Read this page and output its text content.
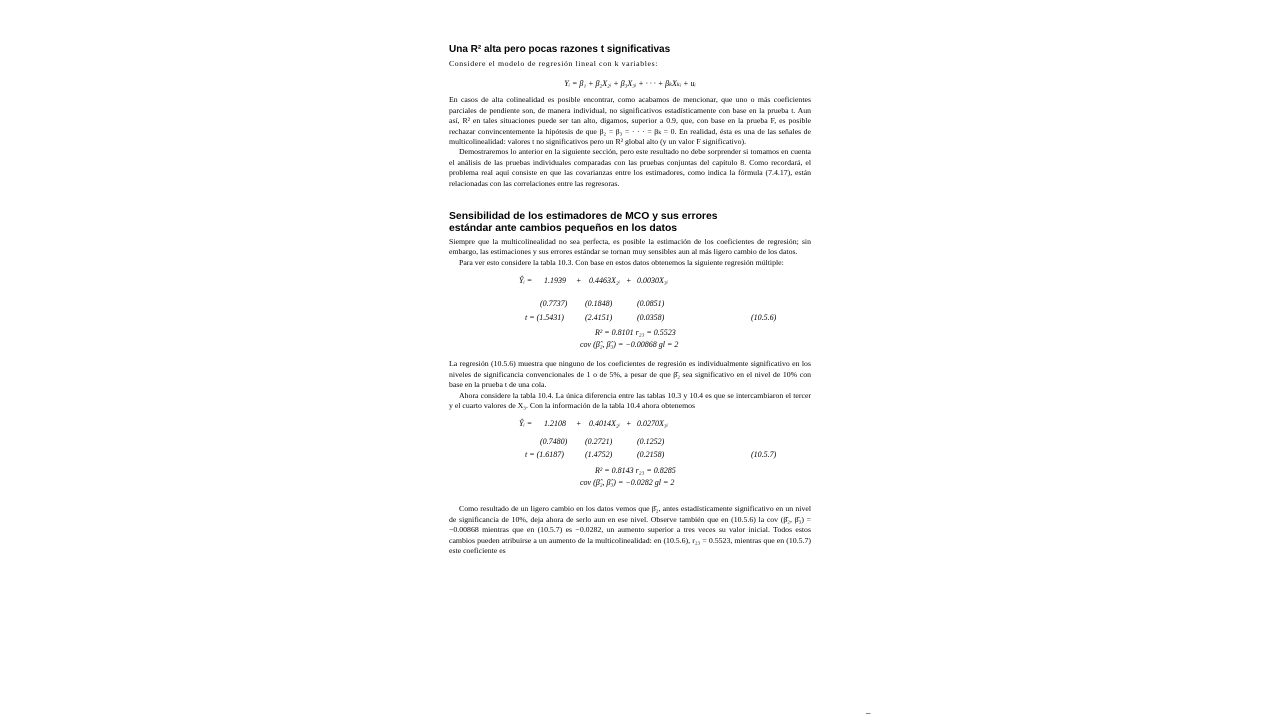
Una R² alta pero pocas razones t significativas

Considere el modelo de regresión lineal con k variables:

Yᵢ = β₁ + β₂X₂ᵢ + β₃X₃ᵢ + · · · + βₖXₖᵢ + uᵢ

En casos de alta colinealidad es posible encontrar, como acabamos de mencionar, que uno o más coeficientes parciales de pendiente son, de manera individual, no significativos estadísticamente con base en la prueba t. Aun así, R² en tales situaciones puede ser tan alto, digamos, superior a 0.9, que, con base en la prueba F, es posible rechazar convincentemente la hipótesis de que β₂ = β₃ = · · · = βₖ = 0. En realidad, ésta es una de las señales de multicolinealidad: valores t no significativos pero un R² global alto (y un valor F significativo).

Demostraremos lo anterior en la siguiente sección, pero este resultado no debe sorprender si tomamos en cuenta el análisis de las pruebas individuales comparadas con las pruebas conjuntas del capítulo 8. Como recordará, el problema real aquí consiste en que las covarianzas entre los estimadores, como indica la fórmula (7.4.17), están relacionadas con las correlaciones entre las regresoras.

Sensibilidad de los estimadores de MCO y sus errores

estándar ante cambios pequeños en los datos

Siempre que la multicolinealidad no sea perfecta, es posible la estimación de los coeficientes de regresión; sin embargo, las estimaciones y sus errores estándar se tornan muy sensibles aun al más ligero cambio de los datos.

Para ver esto considere la tabla 10.3. Con base en estos datos obtenemos la siguiente regresión múltiple:

Ŷᵢ = 1.1939 + 0.4463X₂ᵢ + 0.0030X₃ᵢ
(0.7737) (0.1848)	(0.0851)
t = (1.5431)	(2.4151)	(0.0358)	(10.5.6)
R² = 0.8101 r₂₃ = 0.5523
cov (β̂₂, β̂₃) = −0.00868 gl = 2

La regresión (10.5.6) muestra que ninguno de los coeficientes de regresión es individualmente significativo en los niveles de significancia convencionales de 1 o de 5%, a pesar de que β̂₂ sea significativo en el nivel de 10% con base en la prueba t de una cola.

Ahora considere la tabla 10.4. La única diferencia entre las tablas 10.3 y 10.4 es que se intercambiaron el tercer y el cuarto valores de X₃. Con la información de la tabla 10.4 ahora obtenemos

Ŷᵢ = 1.2108 + 0.4014X₂ᵢ + 0.0270X₃ᵢ
(0.7480) (0.2721)	(0.1252)
t = (1.6187)	(1.4752)	(0.2158)	(10.5.7)
R² = 0.8143 r₂₃ = 0.8285
cov (β̂₂, β̂₃) = −0.0282 gl = 2

Como resultado de un ligero cambio en los datos vemos que β̂₂, antes estadísticamente significativo en un nivel de significancia de 10%, deja ahora de serlo aun en ese nivel. Observe también que en (10.5.6) la cov (β̂₂, β̂₃) = −0.00868 mientras que en (10.5.7) es −0.0282, un aumento superior a tres veces su valor inicial. Todos estos cambios pueden atribuirse a un aumento de la multicolinealidad: en (10.5.6), r₂₃ = 0.5523, mientras que en (10.5.7) este coeficiente es

–
